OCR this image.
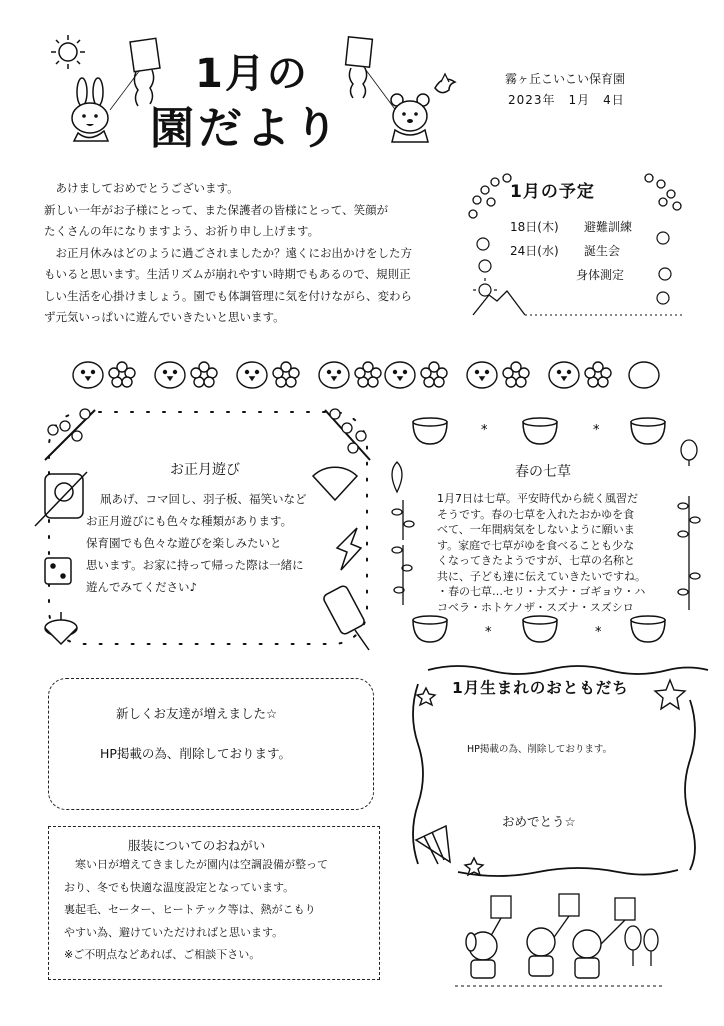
1月の
園だより
霧ヶ丘こいこい保育園
2023年　1月　4日

　あけましておめでとうございます。

新しい一年がお子様にとって、また保護者の皆様にとって、笑顔が

たくさんの年になりますよう、お祈り申し上げます。

　お正月休みはどのように過ごされましたか？遠くにお出かけをした方

もいると思います。生活リズムが崩れやすい時期でもあるので、規則正

しい生活を心掛けましょう。園でも体調管理に気を付けながら、変わら

ず元気いっぱいに遊んでいきたいと思います。

1月の予定
18日(木) 避難訓練
24日(水) 誕生会
身体測定
お正月遊び
凧あげ、コマ回し、羽子板、福笑いなど
お正月遊びにも色々な種類があります。
保育園でも色々な遊びを楽しみたいと
思います。お家に持って帰った際は一緒に
遊んでみてください♪
*	*
*	*
春の七草
1月7日は七草。平安時代から続く風習だ
そうです。春の七草を入れたおかゆを食
べて、一年間病気をしないように願いま
す。家庭で七草がゆを食べることも少な
くなってきたようですが、七草の名称と
共に、子ども達に伝えていきたいですね。
・春の七草…セリ・ナズナ・ゴギョウ・ハ
コベラ・ホトケノザ・スズナ・スズシロ
新しくお友達が増えました☆
HP掲載の為、削除しております。
1月生まれのおともだち
HP掲載の為、削除しております。
おめでとう☆
服装についてのおねがい
　寒い日が増えてきましたが園内は空調設備が整って
おり、冬でも快適な温度設定となっています。
裏起毛、セーター、ヒートテック等は、熱がこもり
やすい為、避けていただければと思います。
※ご不明点などあれば、ご相談下さい。
